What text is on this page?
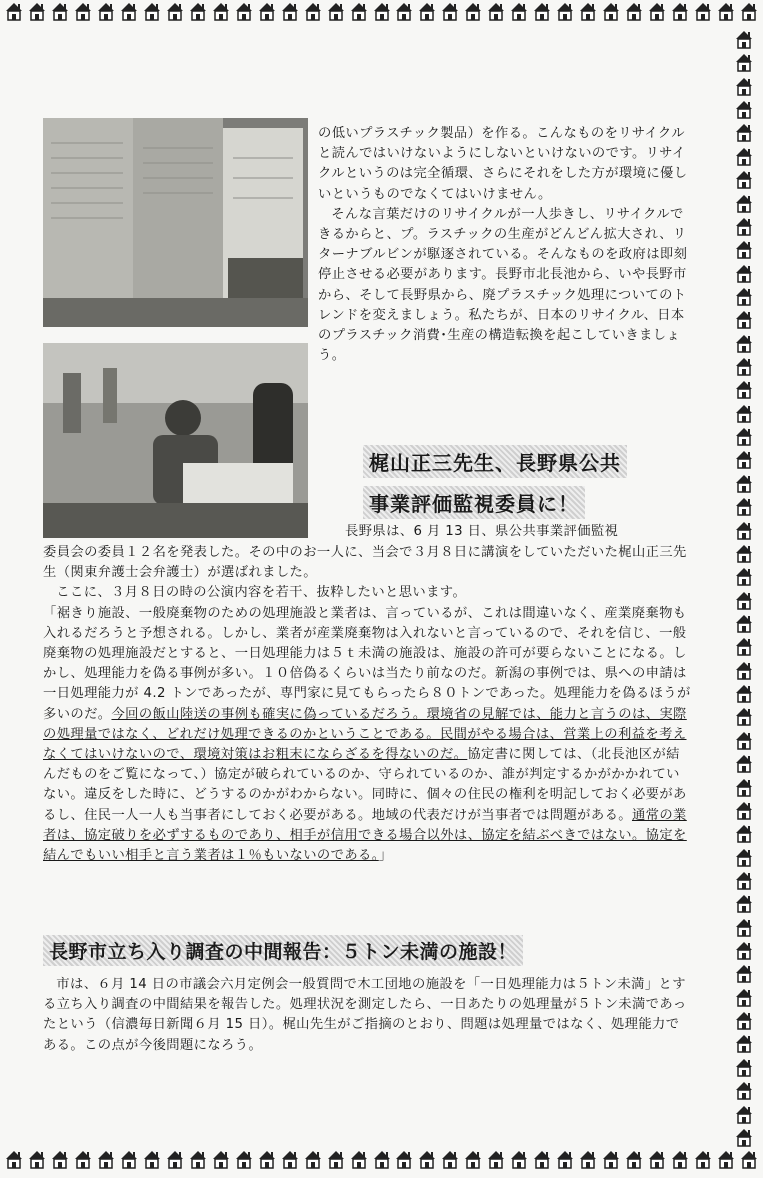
の低いプラスチック製品）を作る。こんなものをリサイクルと読んではいけないようにしないといけないのです。リサイクルというのは完全循環、さらにそれをした方が環境に優しいというものでなくてはいけません。

そんな言葉だけのリサイクルが一人歩きし、リサイクルできるからと、プ。ラスチックの生産がどんどん拡大され、リターナブルビンが駆逐されている。そんなものを政府は即刻停止させる必要があります。長野市北長池から、いや長野市から、そして長野県から、廃プラスチック処理についてのトレンドを変えましょう。私たちが、日本のリサイクル、日本のプラスチック消費･生産の構造転換を起こしていきましょう。

梶山正三先生、長野県公共
事業評価監視委員に！
長野県は、6 月 13 日、県公共事業評価監視

委員会の委員１２名を発表した。その中のお一人に、当会で３月８日に講演をしていただいた梶山正三先生（関東弁護士会弁護士）が選ばれました。

ここに、３月８日の時の公演内容を若干、抜粋したいと思います。

「裾きり施設、一般廃棄物のための処理施設と業者は、言っているが、これは間違いなく、産業廃棄物も入れるだろうと予想される。しかし、業者が産業廃棄物は入れないと言っているので、それを信じ、一般廃棄物の処理施設だとすると、一日処理能力は５ｔ未満の施設は、施設の許可が要らないことになる。しかし、処理能力を偽る事例が多い。１０倍偽るくらいは当たり前なのだ。新潟の事例では、県への申請は一日処理能力が 4.2 トンであったが、専門家に見てもらったら８０トンであった。処理能力を偽るほうが多いのだ。今回の飯山陸送の事例も確実に偽っているだろう。環境省の見解では、能力と言うのは、実際の処理量ではなく、どれだけ処理できるのかということである。民間がやる場合は、営業上の利益を考えなくてはいけないので、環境対策はお粗末にならざるを得ないのだ。協定書に関しては、（北長池区が結んだものをご覧になって、）協定が破られているのか、守られているのか、誰が判定するかがかかれていない。違反をした時に、どうするのかがわからない。同時に、個々の住民の権利を明記しておく必要があるし、住民一人一人も当事者にしておく必要がある。地域の代表だけが当事者では問題がある。通常の業者は、協定破りを必ずするものであり、相手が信用できる場合以外は、協定を結ぶべきではない。協定を結んでもいい相手と言う業者は１％もいないのである。」

長野市立ち入り調査の中間報告：５トン未満の施設！

市は、６月 14 日の市議会六月定例会一般質問で木工団地の施設を「一日処理能力は５トン未満」とする立ち入り調査の中間結果を報告した。処理状況を測定したら、一日あたりの処理量が５トン未満であったという（信濃毎日新聞６月 15 日）。梶山先生がご指摘のとおり、問題は処理量ではなく、処理能力である。この点が今後問題になろう。
